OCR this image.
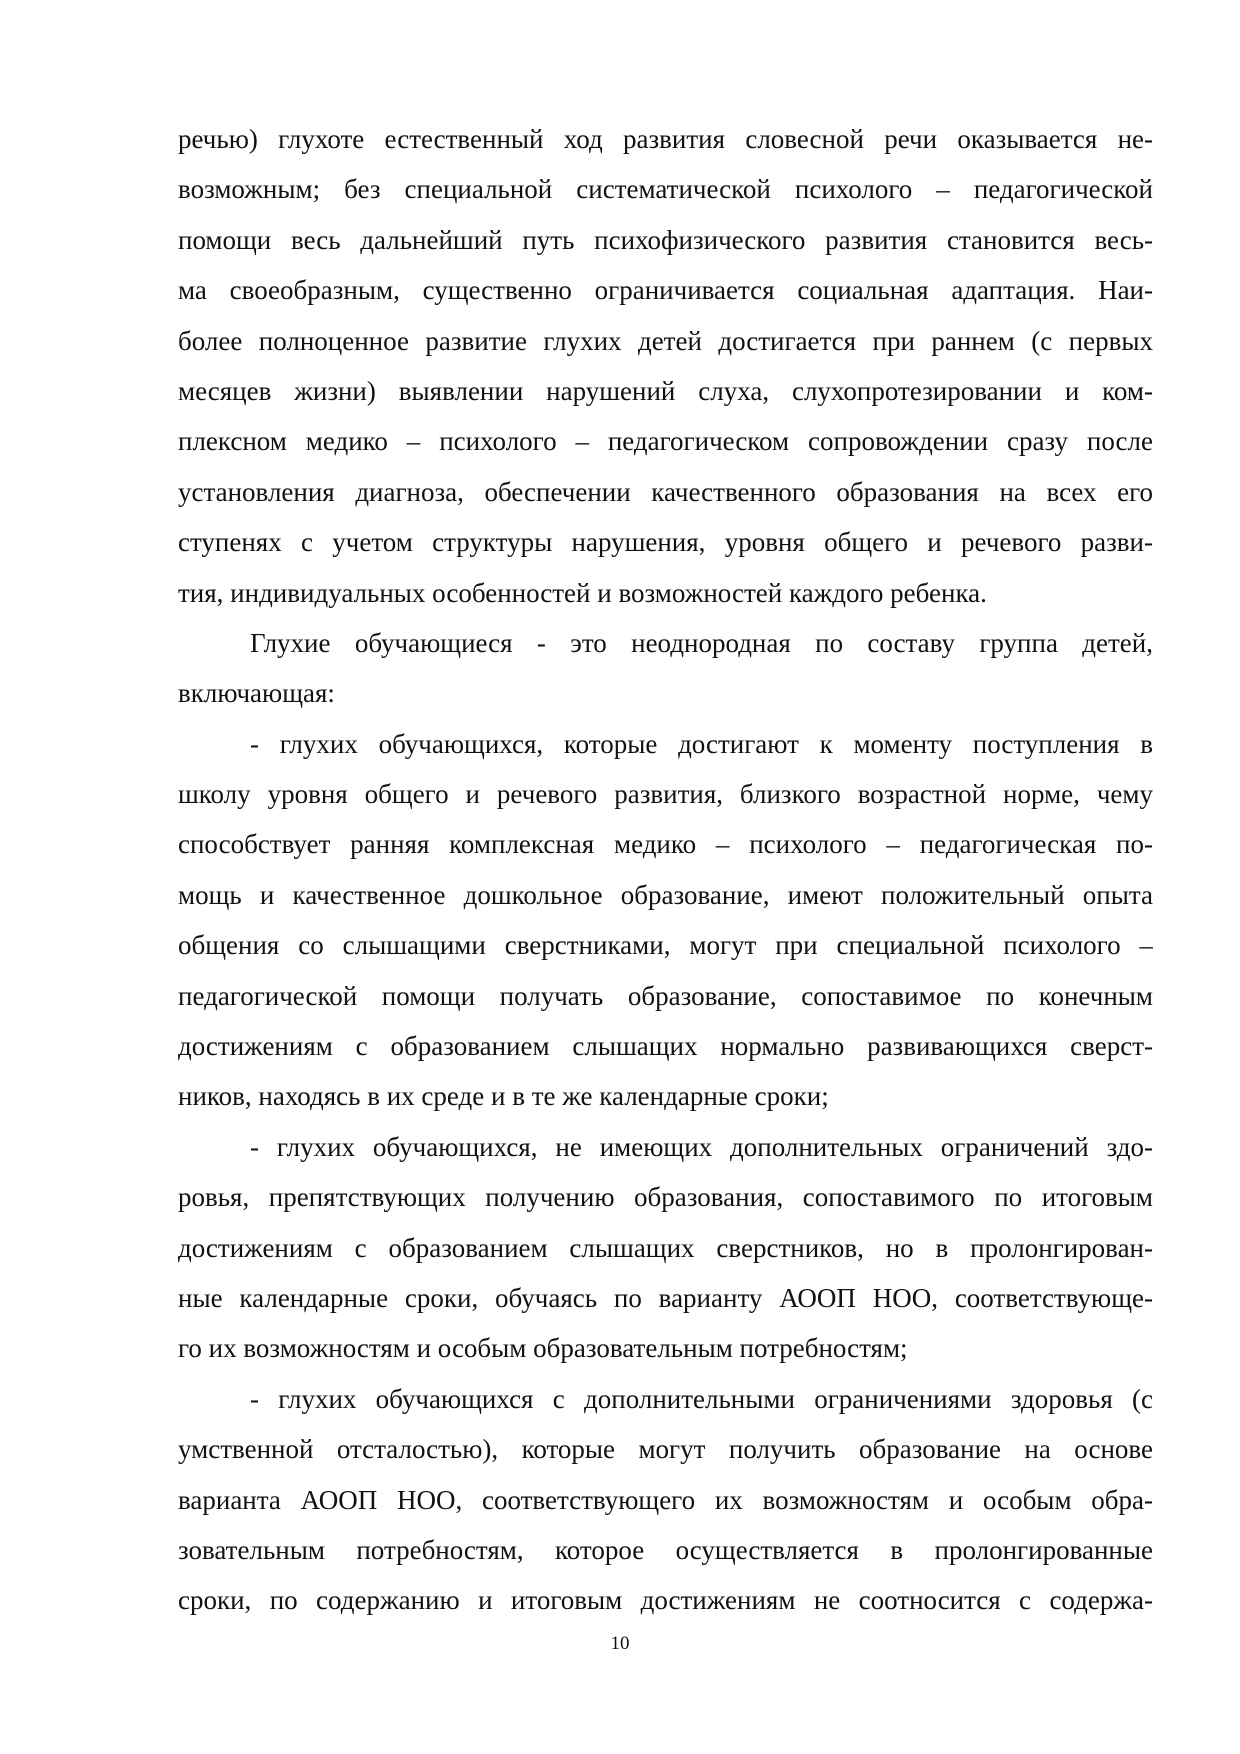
речью) глухоте естественный ход развития словесной речи оказывается не-
возможным; без специальной систематической психолого – педагогической
помощи весь дальнейший путь психофизического развития становится весь-
ма своеобразным, существенно ограничивается социальная адаптация. Наи-
более полноценное развитие глухих детей достигается при раннем (с первых
месяцев жизни) выявлении нарушений слуха, слухопротезировании и ком-
плексном медико – психолого – педагогическом сопровождении сразу после
установления диагноза, обеспечении качественного образования на всех его
ступенях с учетом структуры нарушения, уровня общего и речевого разви-
тия, индивидуальных особенностей и возможностей каждого ребенка.
Глухие обучающиеся - это неоднородная по составу группа детей,
включающая:
- глухих обучающихся, которые достигают к моменту поступления в
школу уровня общего и речевого развития, близкого возрастной норме, чему
способствует ранняя комплексная медико – психолого – педагогическая по-
мощь и качественное дошкольное образование, имеют положительный опыта
общения со слышащими сверстниками, могут при специальной психолого –
педагогической помощи получать образование, сопоставимое по конечным
достижениям с образованием слышащих нормально развивающихся сверст-
ников, находясь в их среде и в те же календарные сроки;
- глухих обучающихся, не имеющих дополнительных ограничений здо-
ровья, препятствующих получению образования, сопоставимого по итоговым
достижениям с образованием слышащих сверстников, но в пролонгирован-
ные календарные сроки, обучаясь по варианту АООП НОО, соответствующе-
го их возможностям и особым образовательным потребностям;
- глухих обучающихся с дополнительными ограничениями здоровья (с
умственной отсталостью), которые могут получить образование на основе
варианта АООП НОО, соответствующего их возможностям и особым обра-
зовательным потребностям, которое осуществляется в пролонгированные
сроки, по содержанию и итоговым достижениям не соотносится с содержа-
10
